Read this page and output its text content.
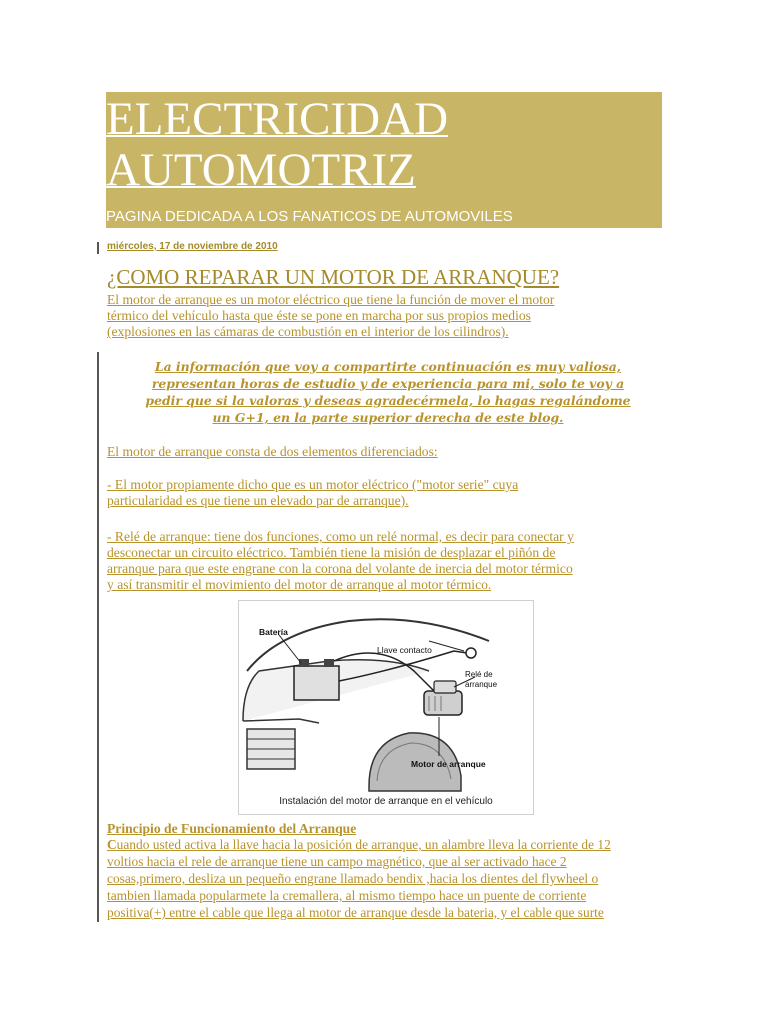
ELECTRICIDAD
AUTOMOTRIZ

PAGINA DEDICADA A LOS FANATICOS DE AUTOMOVILES

miércoles, 17 de noviembre de 2010
¿COMO REPARAR UN MOTOR DE ARRANQUE?

El motor de arranque es un motor eléctrico que tiene la función de mover el motor
térmico del vehículo hasta que éste se pone en marcha por sus propios medios
(explosiones en las cámaras de combustión en el interior de los cilindros).

La información que voy a compartirte continuación es muy valiosa,
representan horas de estudio y de experiencia para mi, solo te voy a
pedir que si la valoras y deseas agradecérmela, lo hagas regalándome
un G+1, en la parte superior derecha de este blog.

El motor de arranque consta de dos elementos diferenciados:

- El motor propiamente dicho que es un motor eléctrico ("motor serie" cuya
particularidad es que tiene un elevado par de arranque).

- Relé de arranque: tiene dos funciones, como un relé normal, es decir para conectar y
desconectar un circuito eléctrico. También tiene la misión de desplazar el piñón de
arranque para que este engrane con la corona del volante de inercia del motor térmico
y así transmitir el movimiento del motor de arranque al motor térmico.

Batería
Llave contacto
Relé de
arranque
Motor de arranque
Instalación del motor de arranque en el vehículo

Principio de Funcionamiento del Arranque

Cuando usted activa la llave hacia la posición de arranque, un alambre lleva la corriente de 12
voltios hacia el rele de arranque tiene un campo magnético, que al ser activado hace 2
cosas,primero, desliza un pequeño engrane llamado bendix ,hacia los dientes del flywheel o
tambien llamada popularmete la cremallera, al mismo tiempo hace un puente de corriente
positiva(+) entre el cable que llega al motor de arranque desde la bateria, y el cable que surte
